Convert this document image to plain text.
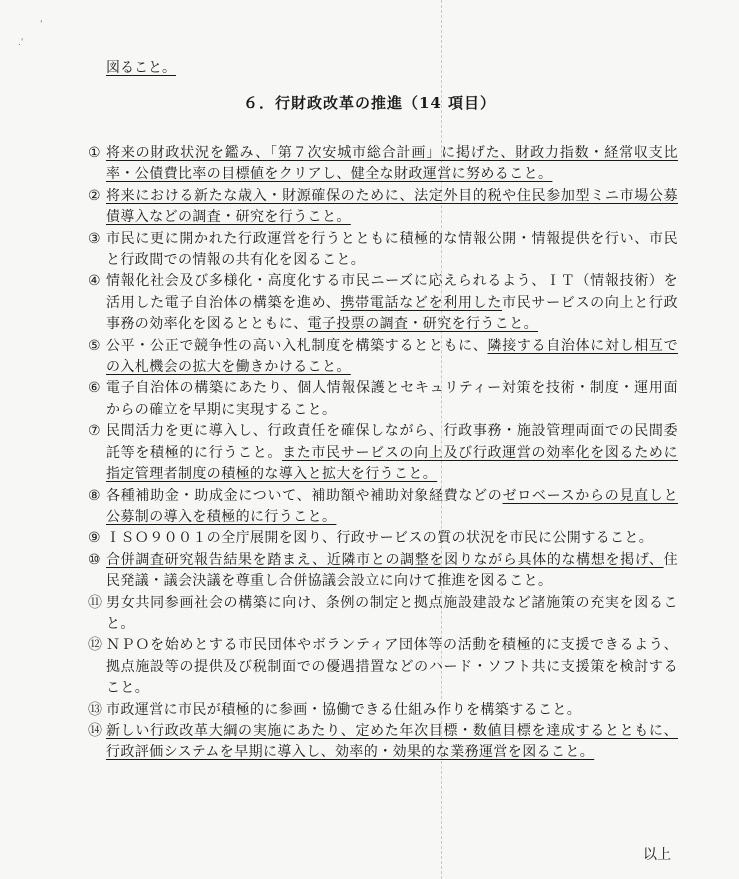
.'
'
図ること。
６．行財政改革の推進（14 項目）
① 将来の財政状況を鑑み、「第７次安城市総合計画」に掲げた、財政力指数・経常収支比率・公債費比率の目標値をクリアし、健全な財政運営に努めること。
② 将来における新たな歳入・財源確保のために、法定外目的税や住民参加型ミニ市場公募債導入などの調査・研究を行うこと。
③ 市民に更に開かれた行政運営を行うとともに積極的な情報公開・情報提供を行い、市民と行政間での情報の共有化を図ること。
④ 情報化社会及び多様化・高度化する市民ニーズに応えられるよう、ＩＴ（情報技術）を活用した電子自治体の構築を進め、携帯電話などを利用した市民サービスの向上と行政事務の効率化を図るとともに、電子投票の調査・研究を行うこと。
⑤ 公平・公正で競争性の高い入札制度を構築するとともに、隣接する自治体に対し相互での入札機会の拡大を働きかけること。
⑥ 電子自治体の構築にあたり、個人情報保護とセキュリティー対策を技術・制度・運用面からの確立を早期に実現すること。
⑦ 民間活力を更に導入し、行政責任を確保しながら、行政事務・施設管理両面での民間委託等を積極的に行うこと。また市民サービスの向上及び行政運営の効率化を図るために指定管理者制度の積極的な導入と拡大を行うこと。
⑧ 各種補助金・助成金について、補助額や補助対象経費などのゼロベースからの見直しと公募制の導入を積極的に行うこと。
⑨ ＩＳＯ９００１の全庁展開を図り、行政サービスの質の状況を市民に公開すること。
⑩ 合併調査研究報告結果を踏まえ、近隣市との調整を図りながら具体的な構想を掲げ、住民発議・議会決議を尊重し合併協議会設立に向けて推進を図ること。
⑪ 男女共同参画社会の構築に向け、条例の制定と拠点施設建設など諸施策の充実を図ること。
⑫ ＮＰＯを始めとする市民団体やボランティア団体等の活動を積極的に支援できるよう、拠点施設等の提供及び税制面での優遇措置などのハード・ソフト共に支援策を検討すること。
⑬ 市政運営に市民が積極的に参画・協働できる仕組み作りを構築すること。
⑭ 新しい行政改革大綱の実施にあたり、定めた年次目標・数値目標を達成するとともに、行政評価システムを早期に導入し、効率的・効果的な業務運営を図ること。
以上
